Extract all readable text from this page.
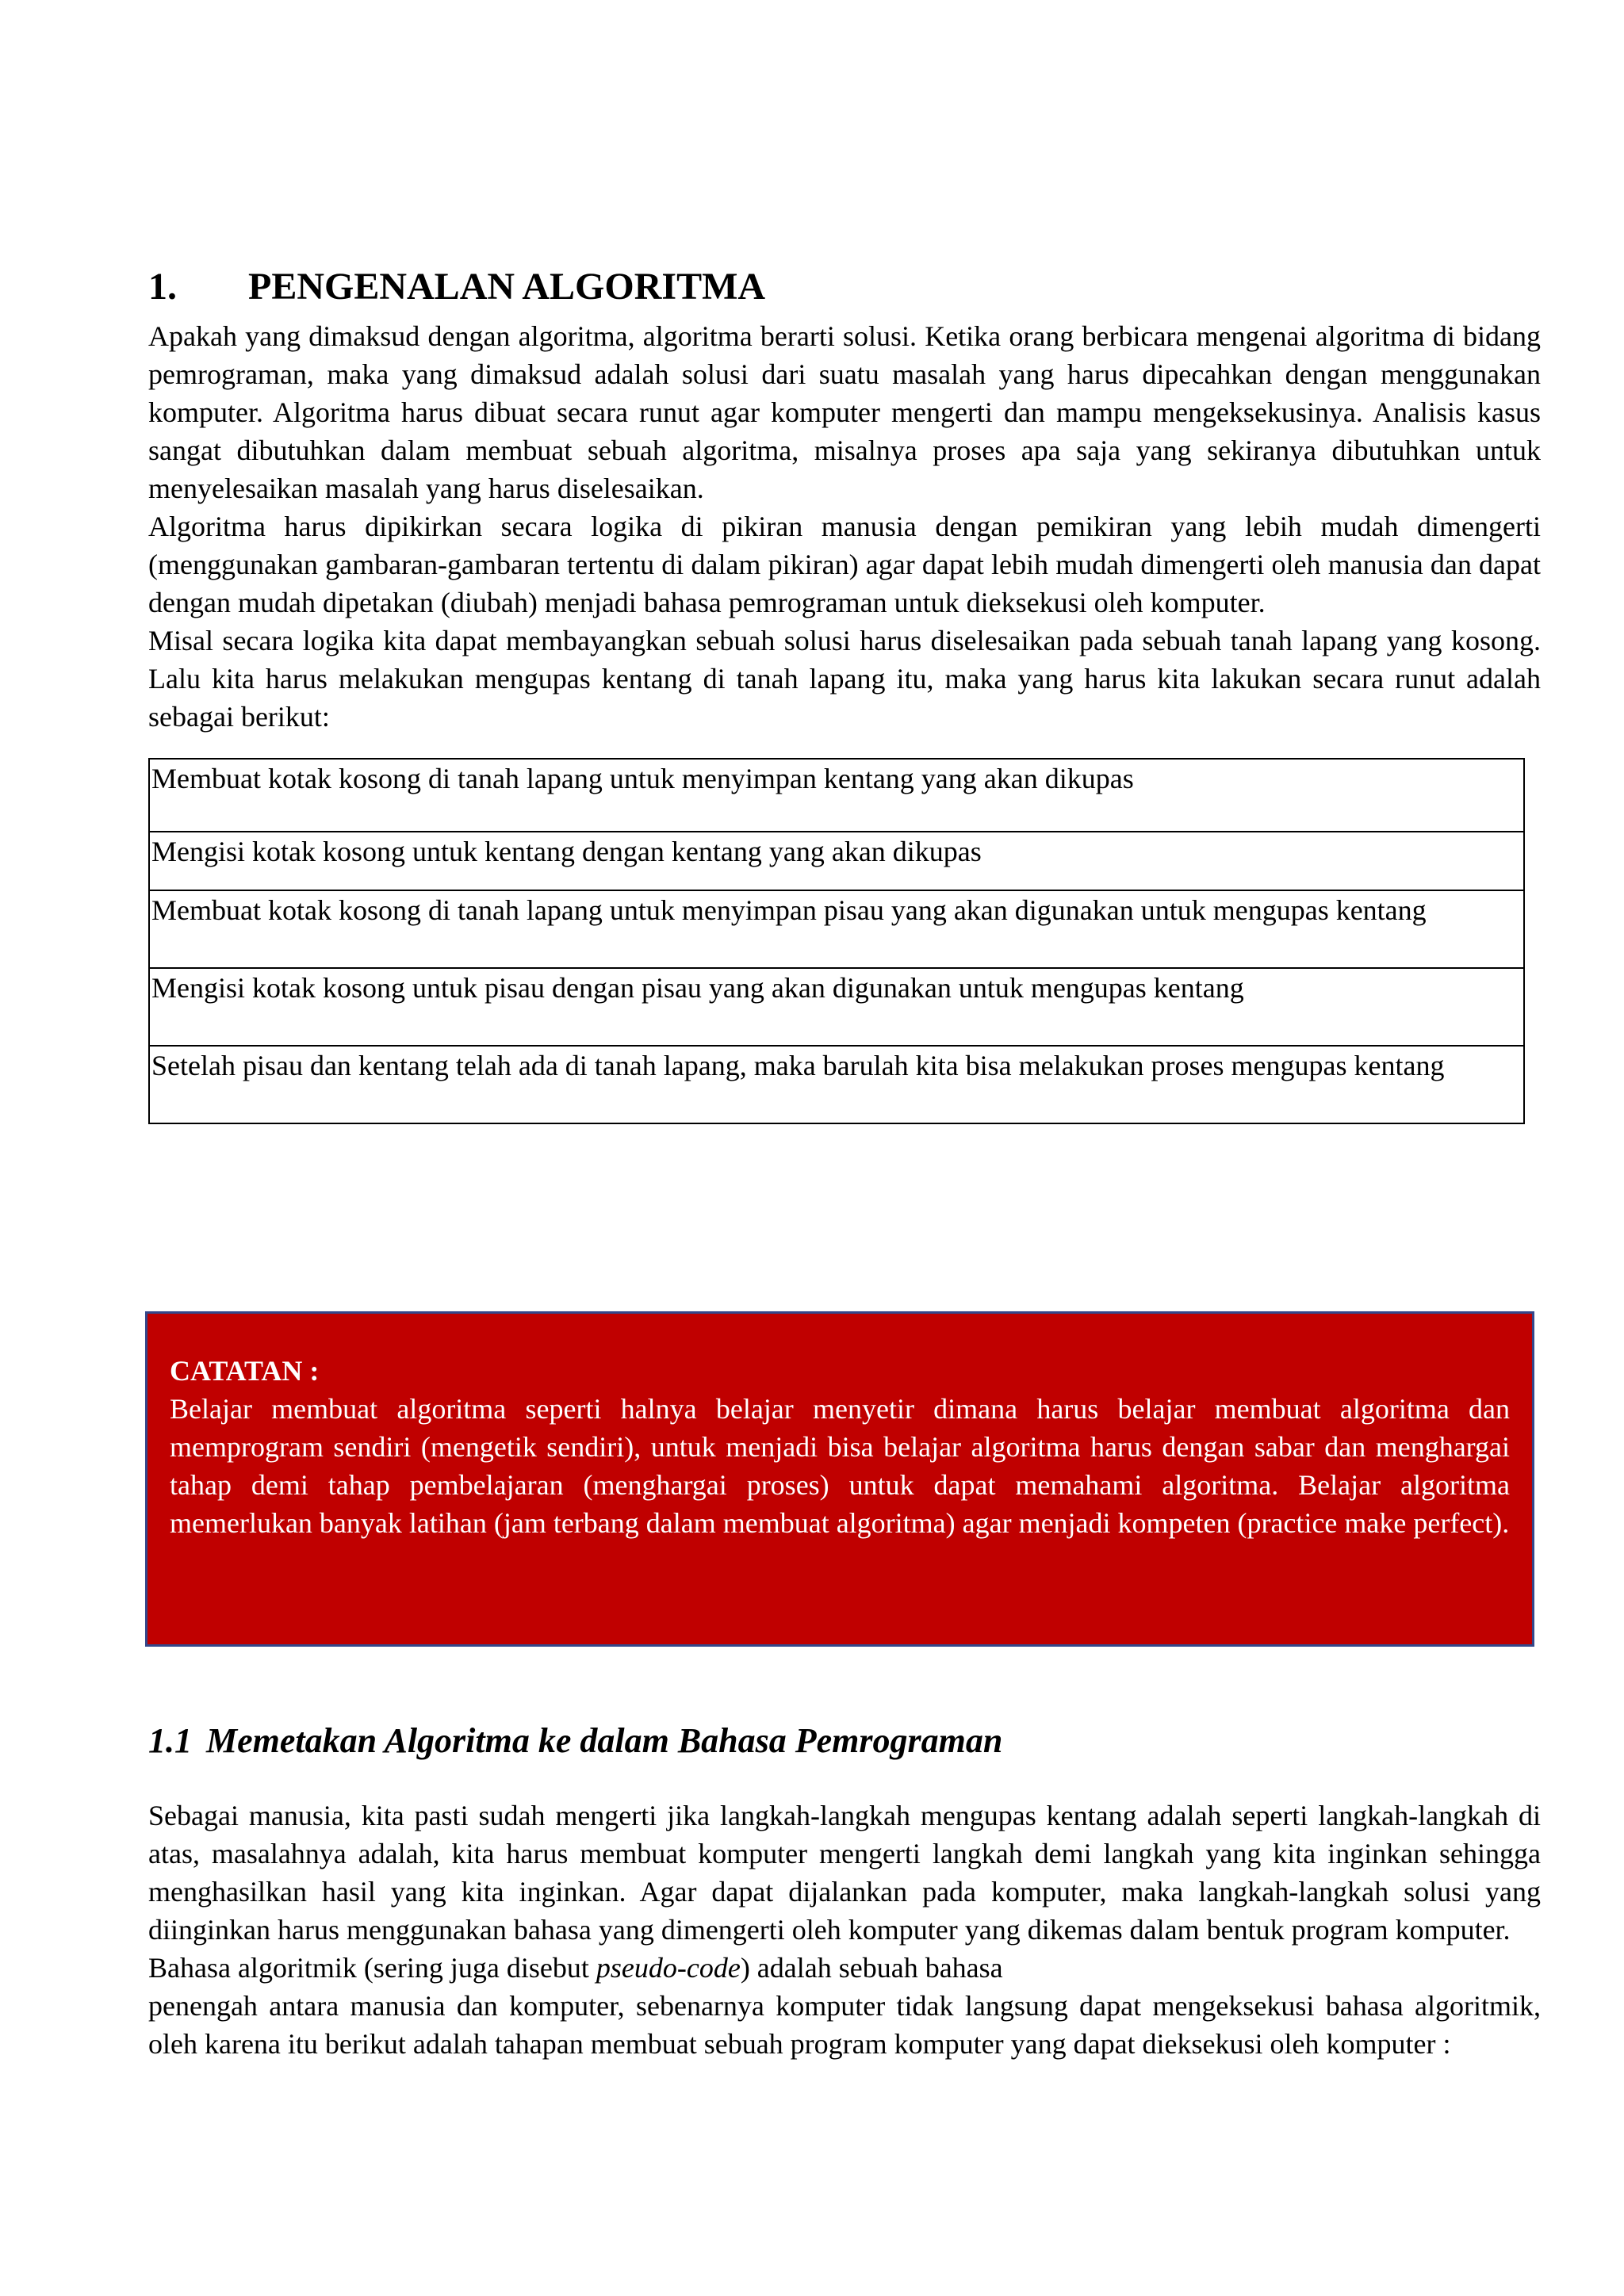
1.	PENGENALAN ALGORITMA

Apakah yang dimaksud dengan algoritma, algoritma berarti solusi. Ketika orang berbicara mengenai algoritma di bidang pemrograman, maka yang dimaksud adalah solusi dari suatu masalah yang harus dipecahkan dengan menggunakan komputer. Algoritma harus dibuat secara runut agar komputer mengerti dan mampu mengeksekusinya. Analisis kasus sangat dibutuhkan dalam membuat sebuah algoritma, misalnya proses apa saja yang sekiranya dibutuhkan untuk menyelesaikan masalah yang harus diselesaikan.

Algoritma harus dipikirkan secara logika di pikiran manusia dengan pemikiran yang lebih mudah dimengerti (menggunakan gambaran-gambaran tertentu di dalam pikiran) agar dapat lebih mudah dimengerti oleh manusia dan dapat dengan mudah dipetakan (diubah) menjadi bahasa pemrograman untuk dieksekusi oleh komputer.

Misal secara logika kita dapat membayangkan sebuah solusi harus diselesaikan pada sebuah tanah lapang yang kosong. Lalu kita harus melakukan mengupas kentang di tanah lapang itu, maka yang harus kita lakukan secara runut adalah sebagai berikut:

Membuat kotak kosong di tanah lapang untuk menyimpan kentang yang akan dikupas
Mengisi kotak kosong untuk kentang dengan kentang yang akan dikupas
Membuat kotak kosong di tanah lapang untuk menyimpan pisau yang akan digunakan untuk mengupas kentang
Mengisi kotak kosong untuk pisau dengan pisau yang akan digunakan untuk mengupas kentang
Setelah pisau dan kentang telah ada di tanah lapang, maka barulah kita bisa melakukan proses mengupas kentang
CATATAN :

Belajar membuat algoritma seperti halnya belajar menyetir dimana harus belajar membuat algoritma dan memprogram sendiri (mengetik sendiri), untuk menjadi bisa belajar algoritma harus dengan sabar dan menghargai tahap demi tahap pembelajaran (menghargai proses) untuk dapat memahami algoritma. Belajar algoritma memerlukan banyak latihan (jam terbang dalam membuat algoritma) agar menjadi kompeten (practice make perfect).

1.1 Memetakan Algoritma ke dalam Bahasa Pemrograman

Sebagai manusia, kita pasti sudah mengerti jika langkah-langkah mengupas kentang adalah seperti langkah-langkah di atas, masalahnya adalah, kita harus membuat komputer mengerti langkah demi langkah yang kita inginkan sehingga menghasilkan hasil yang kita inginkan. Agar dapat dijalankan pada komputer, maka langkah-langkah solusi yang diinginkan harus menggunakan bahasa yang dimengerti oleh komputer yang dikemas dalam bentuk program komputer.

Bahasa algoritmik (sering juga disebut pseudo-code) adalah sebuah bahasa

penengah antara manusia dan komputer, sebenarnya komputer tidak langsung dapat mengeksekusi bahasa algoritmik, oleh karena itu berikut adalah tahapan membuat sebuah program komputer yang dapat dieksekusi oleh komputer :
